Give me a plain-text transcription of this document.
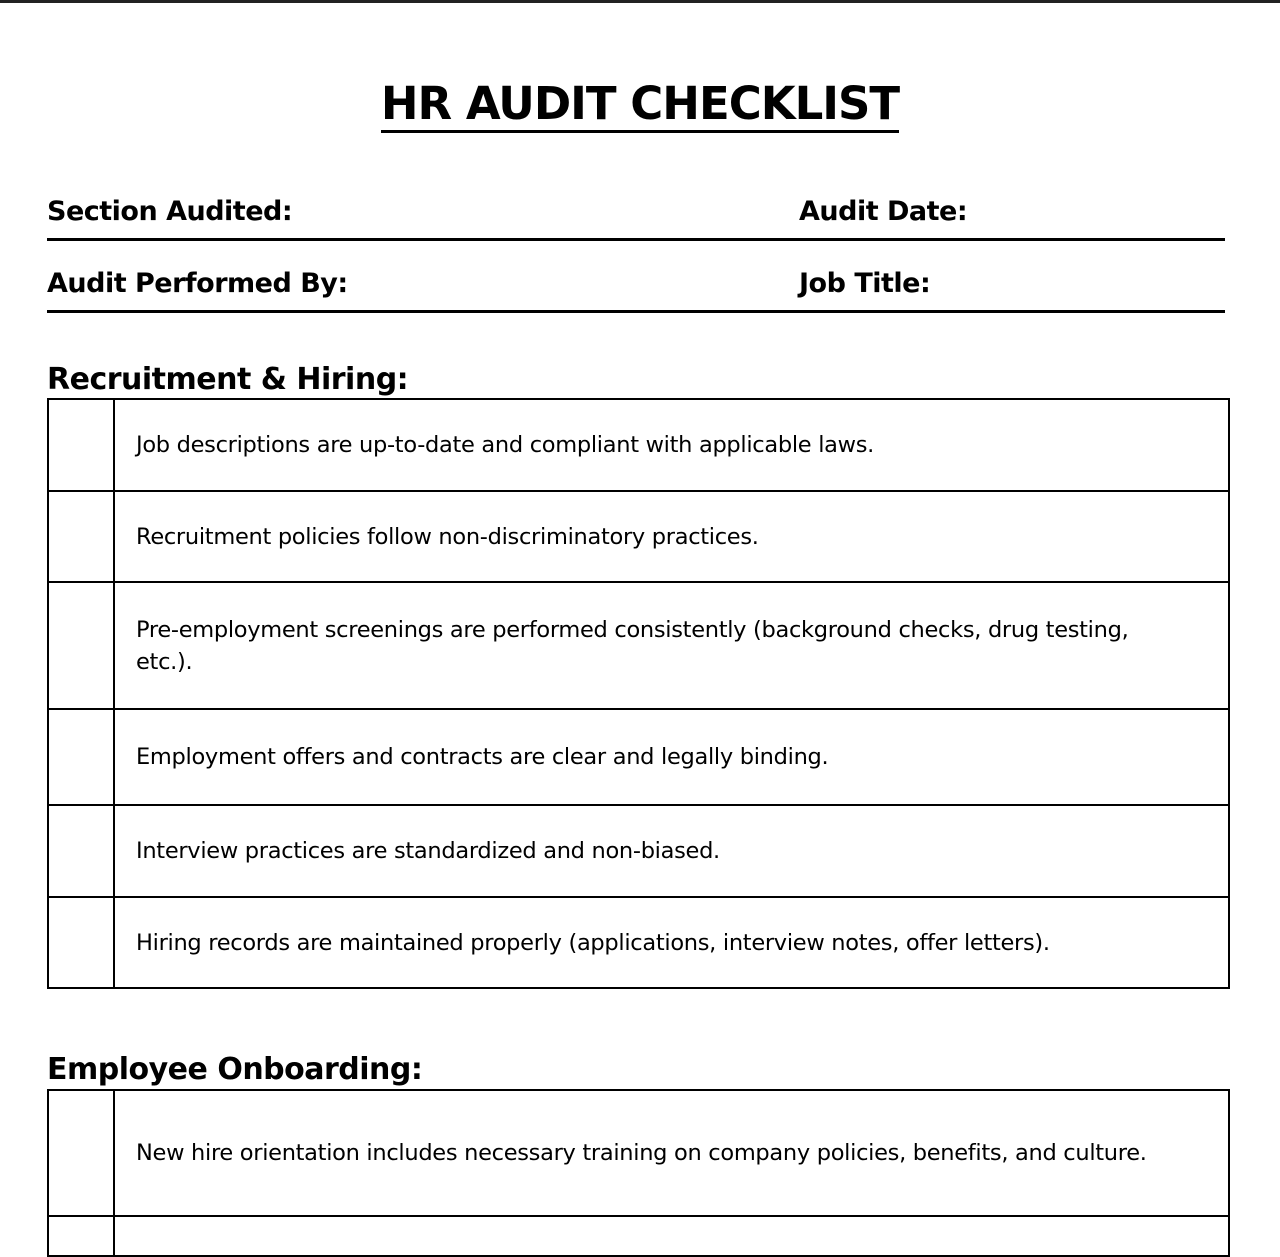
HR AUDIT CHECKLIST
Section Audited:	Audit Date:
Audit Performed By:	Job Title:
Recruitment & Hiring:
	Job descriptions are up-to-date and compliant with applicable laws.
	Recruitment policies follow non-discriminatory practices.
	Pre-employment screenings are performed consistently (background checks, drug testing, etc.).
	Employment offers and contracts are clear and legally binding.
	Interview practices are standardized and non-biased.
	Hiring records are maintained properly (applications, interview notes, offer letters).
Employee Onboarding:
	New hire orientation includes necessary training on company policies, benefits, and culture.
